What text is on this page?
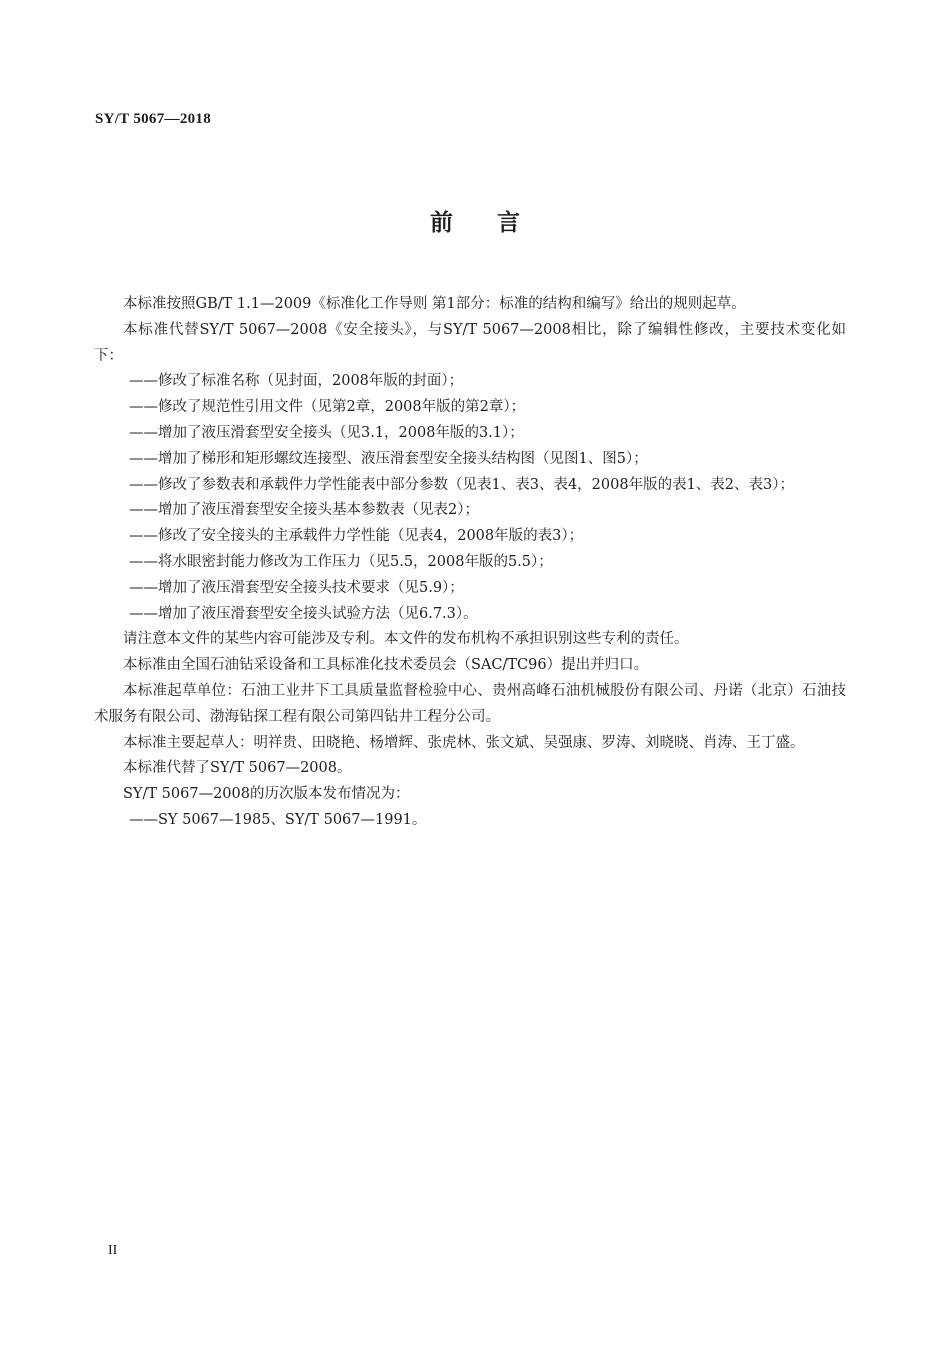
SY/T 5067—2018
前言

本标准按照GB/T 1.1—2009《标准化工作导则 第1部分：标准的结构和编写》给出的规则起草。

本标准代替SY/T 5067—2008《安全接头》，与SY/T 5067—2008相比，除了编辑性修改，主要技术变化如下：

——修改了标准名称（见封面，2008年版的封面）；

——修改了规范性引用文件（见第2章，2008年版的第2章）；

——增加了液压滑套型安全接头（见3.1，2008年版的3.1）；

——增加了梯形和矩形螺纹连接型、液压滑套型安全接头结构图（见图1、图5）；

——修改了参数表和承载件力学性能表中部分参数（见表1、表3、表4，2008年版的表1、表2、表3）；

——增加了液压滑套型安全接头基本参数表（见表2）；

——修改了安全接头的主承载件力学性能（见表4，2008年版的表3）；

——将水眼密封能力修改为工作压力（见5.5，2008年版的5.5）；

——增加了液压滑套型安全接头技术要求（见5.9）；

——增加了液压滑套型安全接头试验方法（见6.7.3）。

请注意本文件的某些内容可能涉及专利。本文件的发布机构不承担识别这些专利的责任。

本标准由全国石油钻采设备和工具标准化技术委员会（SAC/TC96）提出并归口。

本标准起草单位：石油工业井下工具质量监督检验中心、贵州高峰石油机械股份有限公司、丹诺（北京）石油技术服务有限公司、渤海钻探工程有限公司第四钻井工程分公司。

本标准主要起草人：明祥贵、田晓艳、杨增辉、张虎林、张文斌、吴强康、罗涛、刘晓晓、肖涛、王丁盛。

本标准代替了SY/T 5067—2008。

SY/T 5067—2008的历次版本发布情况为：

——SY 5067—1985、SY/T 5067—1991。

II
